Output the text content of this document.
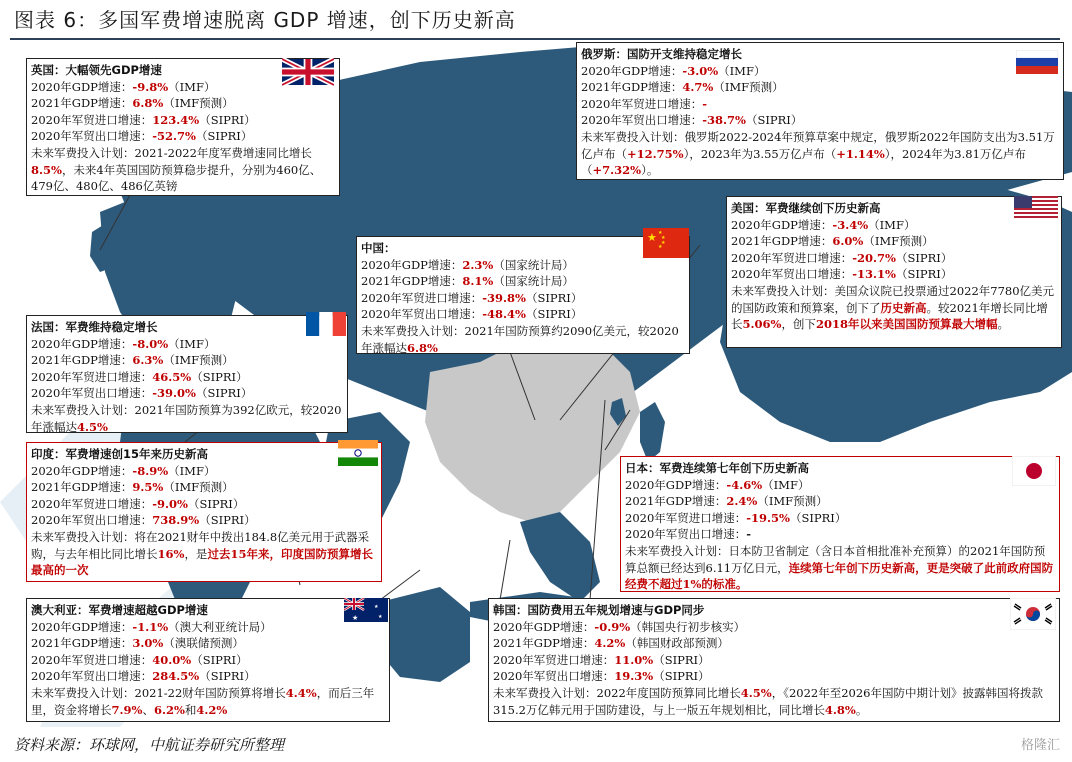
图表 6：多国军费增速脱离 GDP 增速，创下历史新高
英国：大幅领先GDP增速
2020年GDP增速：-9.8%（IMF）
2021年GDP增速：6.8%（IMF预测）
2020年军贸进口增速：123.4%（SIPRI）
2020年军贸出口增速：-52.7%（SIPRI）
未来军费投入计划：2021-2022年度军费增速同比增长8.5%，未来4年英国国防预算稳步提升，分别为460亿、479亿、480亿、486亿英镑
俄罗斯：国防开支维持稳定增长
2020年GDP增速：-3.0%（IMF）
2021年GDP增速：4.7%（IMF预测）
2020年军贸进口增速：-
2020年军贸出口增速：-38.7%（SIPRI）
未来军费投入计划：俄罗斯2022-2024年预算草案中规定，俄罗斯2022年国防支出为3.51万亿卢布（+12.75%），2023年为3.55万亿卢布（+1.14%），2024年为3.81万亿卢布（+7.32%）。
美国：军费继续创下历史新高
2020年GDP增速：-3.4%（IMF）
2021年GDP增速：6.0%（IMF预测）
2020年军贸进口增速：-20.7%（SIPRI）
2020年军贸出口增速：-13.1%（SIPRI）
未来军费投入计划：美国众议院已投票通过2022年7780亿美元的国防政策和预算案，创下了历史新高。较2021年增长同比增长5.06%，创下2018年以来美国国防预算最大增幅。
中国：
2020年GDP增速：2.3%（国家统计局）
2021年GDP增速：8.1%（国家统计局）
2020年军贸进口增速：-39.8%（SIPRI）
2020年军贸出口增速：-48.4%（SIPRI）
未来军费投入计划：2021年国防预算约2090亿美元，较2020年涨幅达6.8%
★ ★
★
★
★
法国：军费维持稳定增长
2020年GDP增速：-8.0%（IMF）
2021年GDP增速：6.3%（IMF预测）
2020年军贸进口增速：46.5%（SIPRI）
2020年军贸出口增速：-39.0%（SIPRI）
未来军费投入计划：2021年国防预算为392亿欧元，较2020年涨幅达4.5%
印度：军费增速创15年来历史新高
2020年GDP增速：-8.9%（IMF）
2021年GDP增速：9.5%（IMF预测）
2020年军贸进口增速：-9.0%（SIPRI）
2020年军贸出口增速：738.9%（SIPRI）
未来军费投入计划：将在2021财年中拨出184.8亿美元用于武器采购，与去年相比同比增长16%，是过去15年来，印度国防预算增长最高的一次
日本：军费连续第七年创下历史新高
2020年GDP增速：-4.6%（IMF）
2021年GDP增速：2.4%（IMF预测）
2020年军贸进口增速：-19.5%（SIPRI）
2020年军贸出口增速：-
未来军费投入计划：日本防卫省制定（含日本首相批准补充预算）的2021年国防预算总额已经达到6.11万亿日元，连续第七年创下历史新高，更是突破了此前政府国防经费不超过1%的标准。
澳大利亚：军费增速超越GDP增速
2020年GDP增速：-1.1%（澳大利亚统计局）
2021年GDP增速：3.0%（澳联储预测）
2020年军贸进口增速：40.0%（SIPRI）
2020年军贸出口增速：284.5%（SIPRI）
未来军费投入计划：2021-22财年国防预算将增长4.4%，而后三年里，资金将增长7.9%、6.2%和4.2%
★
★
★	韩国：国防费用五年规划增速与GDP同步
2020年GDP增速：-0.9%（韩国央行初步核实）
2021年GDP增速：4.2%（韩国财政部预测）
2020年军贸进口增速：11.0%（SIPRI）
2020年军贸出口增速：19.3%（SIPRI）
未来军费投入计划：2022年度国防预算同比增长4.5%，《2022年至2026年国防中期计划》披露韩国将拨款315.2万亿韩元用于国防建设，与上一版五年规划相比，同比增长4.8%。
资料来源：环球网，中航证券研究所整理	格隆汇
